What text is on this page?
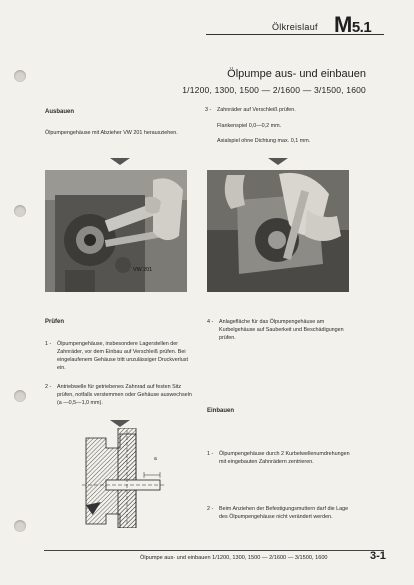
Ölkreislauf M5.1
Ölpumpe aus- und einbauen
1/1200, 1300, 1500 — 2/1600 — 3/1500, 1600
Ausbauen
Ölpumpengehäuse mit Abzieher VW 201 herausziehen.
3 - Zahnräder auf Verschleiß prüfen.
Flankenspiel 0,0—0,2 mm.
Axialspiel ohne Dichtung max. 0,1 mm.
VW 201
Prüfen
1 - Ölpumpengehäuse, insbesondere Lagerstellen der Zahnräder, vor dem Einbau auf Verschleiß prüfen. Bei eingelaufenem Gehäuse tritt unzulässiger Druckverlust ein.
2 - Antriebwelle für getriebenes Zahnrad auf festen Sitz prüfen, notfalls verstemmen oder Gehäuse auswechseln (a —0,5—1,0 mm).
4 - Anlagefläche für das Ölpumpengehäuse am Kurbelgehäuse auf Sauberkeit und Beschädigungen prüfen.
Einbauen
1 - Ölpumpengehäuse durch 2 Kurbelwellenumdrehungen mit eingebauten Zahnrädern zentrieren.
2 - Beim Anziehen der Befestigungsmuttern darf die Lage des Ölpumpengehäuse nicht verändert werden.
a
Ölpumpe aus- und einbauen 1/1200, 1300, 1500 — 2/1600 — 3/1500, 1600	3-1
